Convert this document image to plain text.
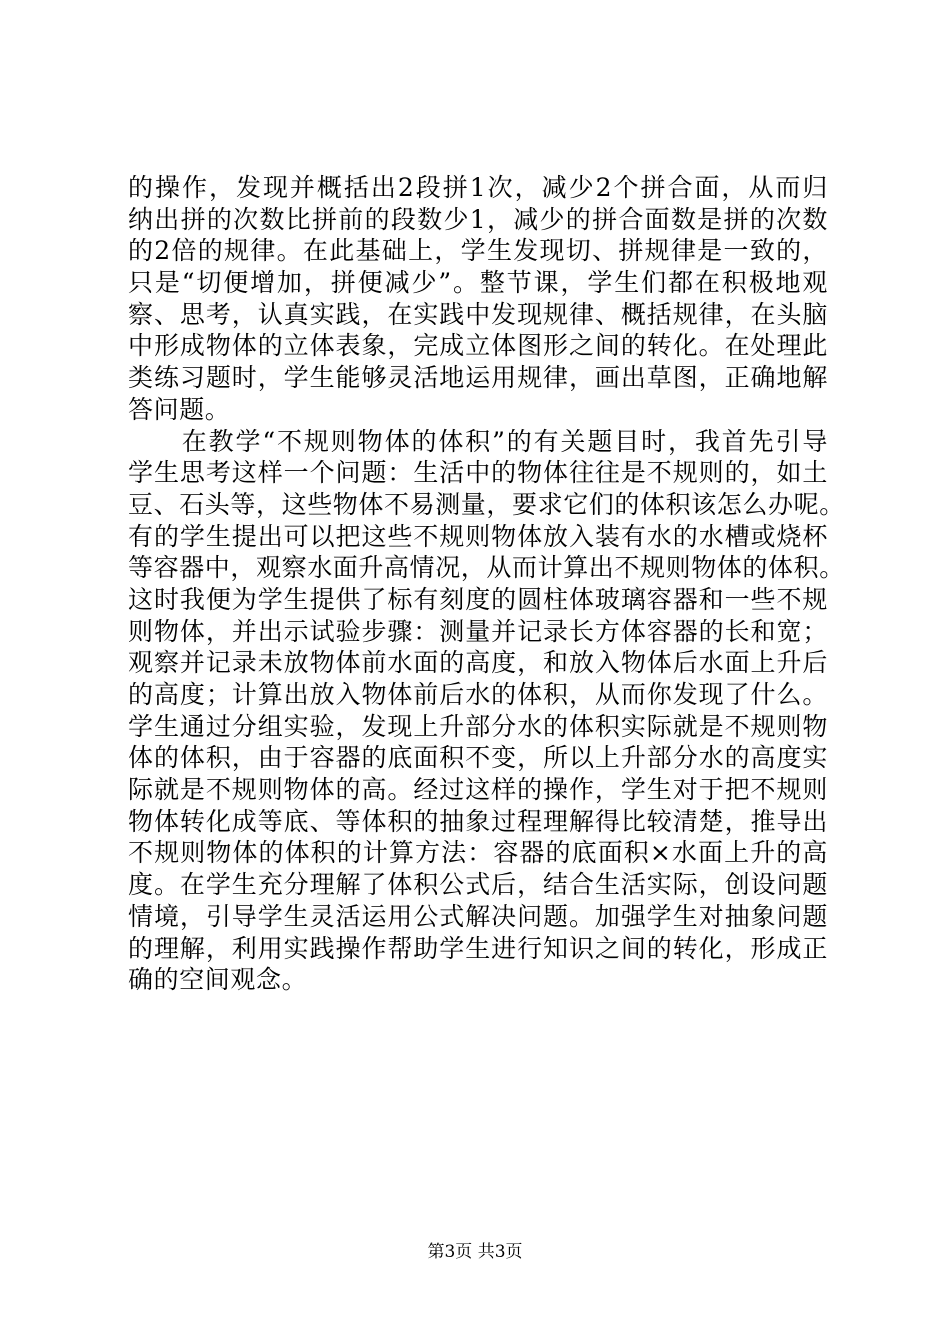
的操作，发现并概括出2段拼1次，减少2个拼合面，从而归
纳出拼的次数比拼前的段数少1，减少的拼合面数是拼的次数
的2倍的规律。在此基础上，学生发现切、拼规律是一致的，
只是“切便增加，拼便减少”。整节课，学生们都在积极地观
察、思考，认真实践，在实践中发现规律、概括规律，在头脑
中形成物体的立体表象，完成立体图形之间的转化。在处理此
类练习题时，学生能够灵活地运用规律，画出草图，正确地解
答问题。
　　在教学“不规则物体的体积”的有关题目时，我首先引导
学生思考这样一个问题：生活中的物体往往是不规则的，如土
豆、石头等，这些物体不易测量，要求它们的体积该怎么办呢。
有的学生提出可以把这些不规则物体放入装有水的水槽或烧杯
等容器中，观察水面升高情况，从而计算出不规则物体的体积。
这时我便为学生提供了标有刻度的圆柱体玻璃容器和一些不规
则物体，并出示试验步骤：测量并记录长方体容器的长和宽；
观察并记录未放物体前水面的高度，和放入物体后水面上升后
的高度；计算出放入物体前后水的体积，从而你发现了什么。
学生通过分组实验，发现上升部分水的体积实际就是不规则物
体的体积，由于容器的底面积不变，所以上升部分水的高度实
际就是不规则物体的高。经过这样的操作，学生对于把不规则
物体转化成等底、等体积的抽象过程理解得比较清楚，推导出
不规则物体的体积的计算方法：容器的底面积×水面上升的高
度。在学生充分理解了体积公式后，结合生活实际，创设问题
情境，引导学生灵活运用公式解决问题。加强学生对抽象问题
的理解，利用实践操作帮助学生进行知识之间的转化，形成正
确的空间观念。
第3页 共3页
